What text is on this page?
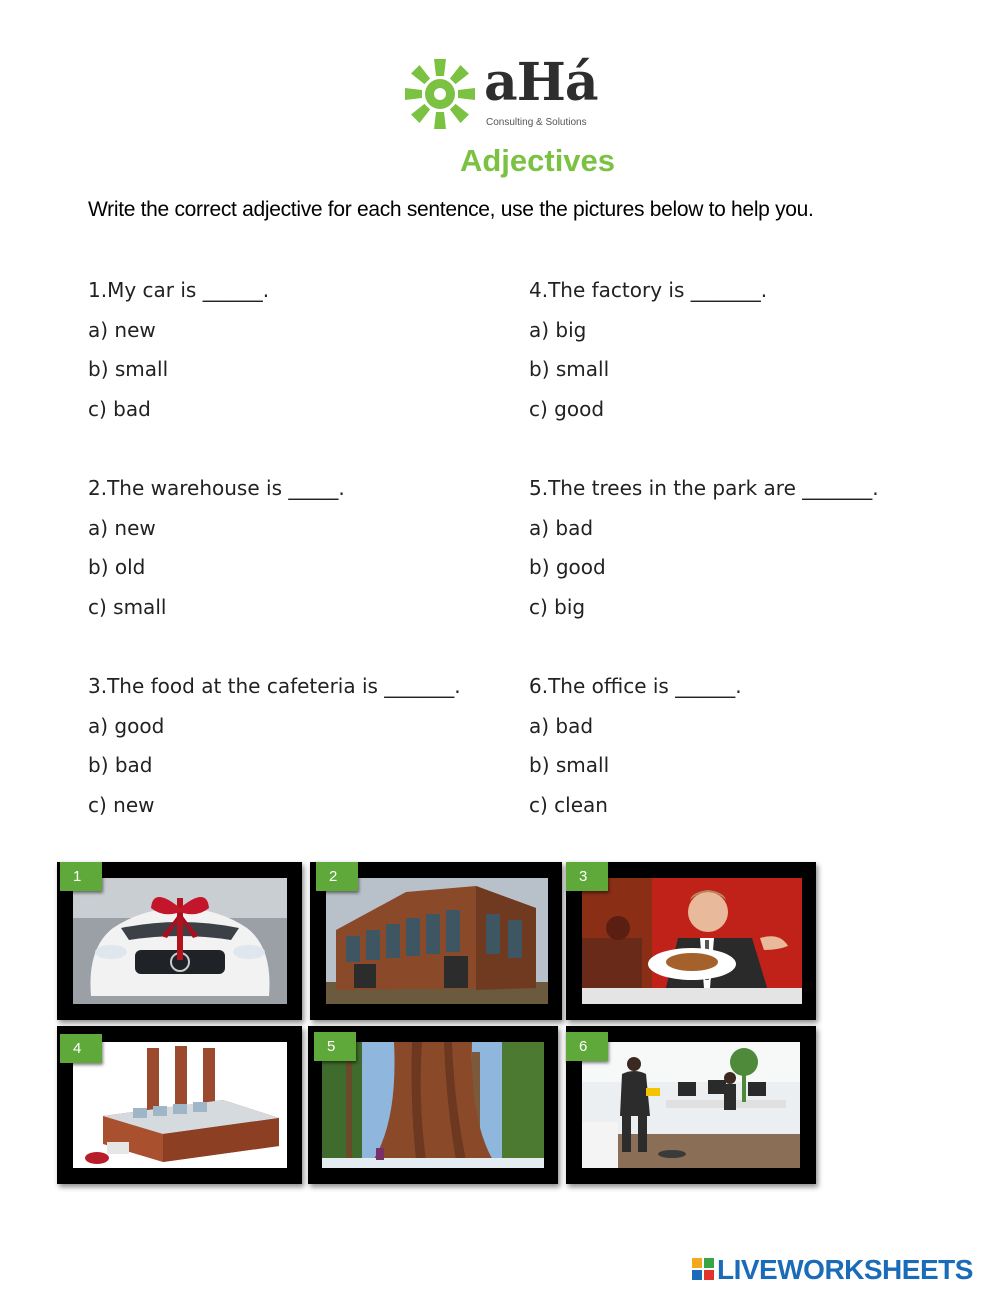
aHá
Consulting & Solutions
Adjectives
Write the correct adjective for each sentence, use the pictures below to help you.
1.My car is ______.
a) new
b) small
c) bad
2.The warehouse is _____.
a) new
b) old
c) small
3.The food at the cafeteria is _______.
a) good
b) bad
c) new
4.The factory is _______.
a) big
b) small
c) good
5.The trees in the park are _______.
a) bad
b) good
c) big
6.The office is ______.
a) bad
b) small
c) clean
1	2	3
4	5	6
LIVEWORKSHEETS
